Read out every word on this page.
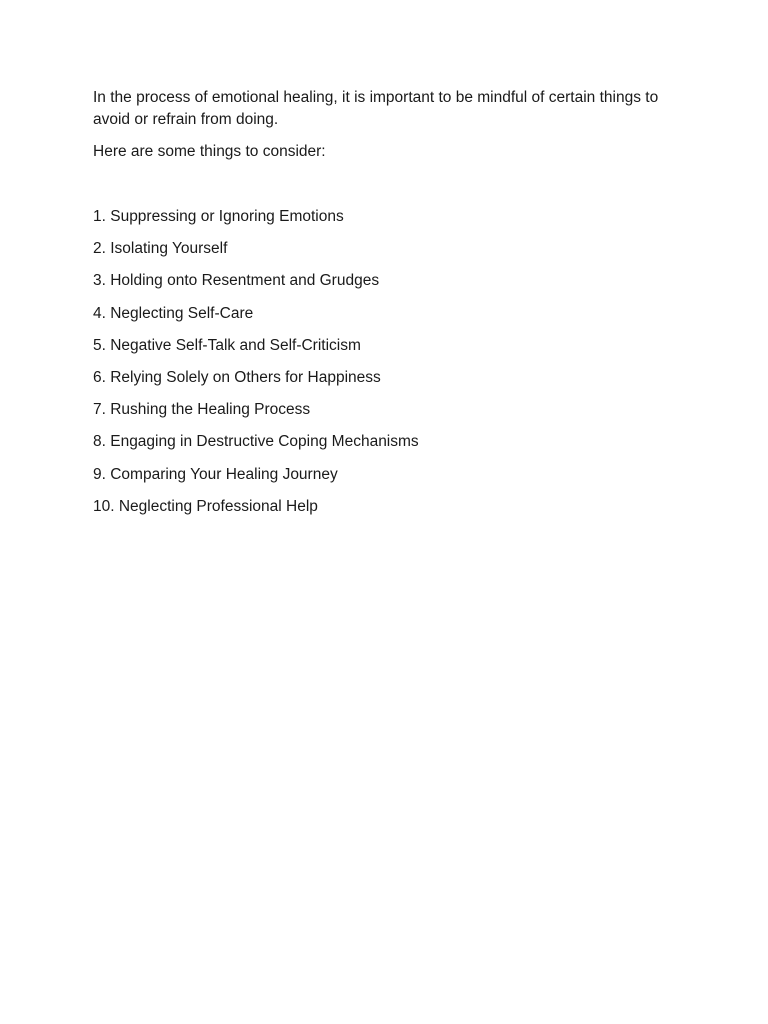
In the process of emotional healing, it is important to be mindful of certain things to avoid or refrain from doing.

Here are some things to consider:

1. Suppressing or Ignoring Emotions
2. Isolating Yourself
3. Holding onto Resentment and Grudges
4. Neglecting Self-Care
5. Negative Self-Talk and Self-Criticism
6. Relying Solely on Others for Happiness
7. Rushing the Healing Process
8. Engaging in Destructive Coping Mechanisms
9. Comparing Your Healing Journey
10. Neglecting Professional Help
